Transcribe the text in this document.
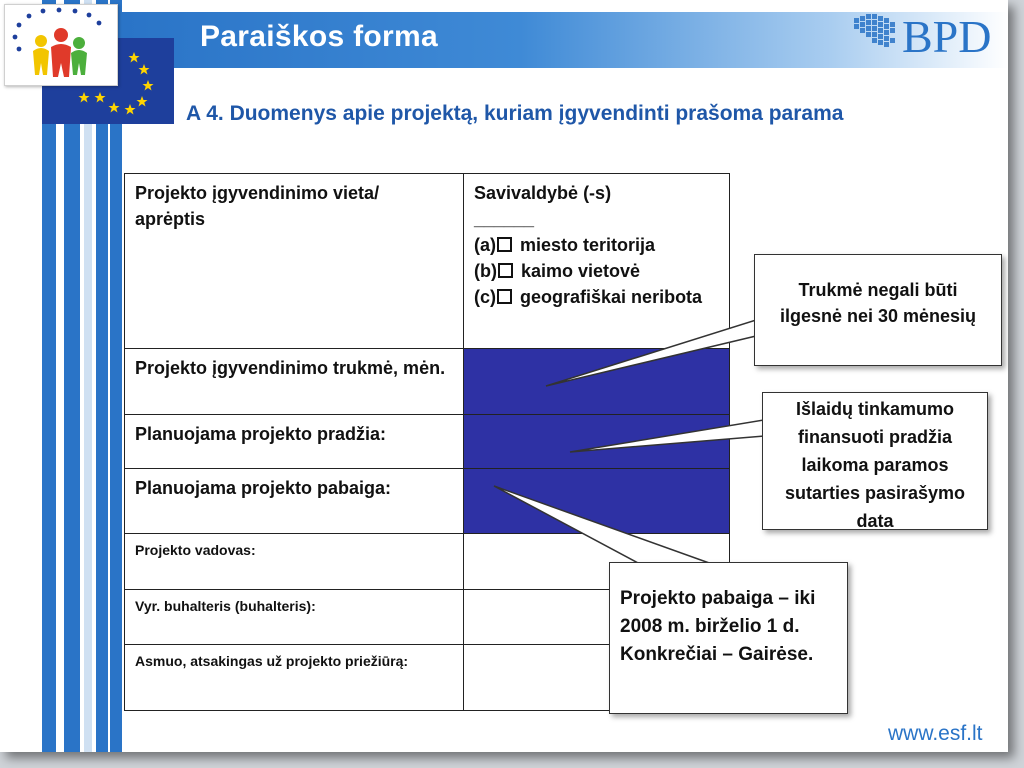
Paraiškos forma	BPD
A 4. Duomenys apie projektą, kuriam įgyvendinti prašoma parama
Projekto įgyvendinimo vieta/ aprėptis	Savivaldybė (-s)
______
(a) miesto teritorija
(b) kaimo vietovė
(c) geografiškai neribota

Projekto įgyvendinimo trukmė, mėn.	
Planuojama projekto pradžia:	
Planuojama projekto pabaiga:	
Projekto vadovas:	
Vyr. buhalteris (buhalteris):	
Asmuo, atsakingas už projekto priežiūrą:	
Trukmė negali būti ilgesnė nei 30 mėnesių
Išlaidų tinkamumo finansuoti pradžia laikoma paramos sutarties pasirašymo data
Projekto pabaiga – iki 2008 m. birželio 1 d. Konkrečiai – Gairėse.
www.esf.lt
